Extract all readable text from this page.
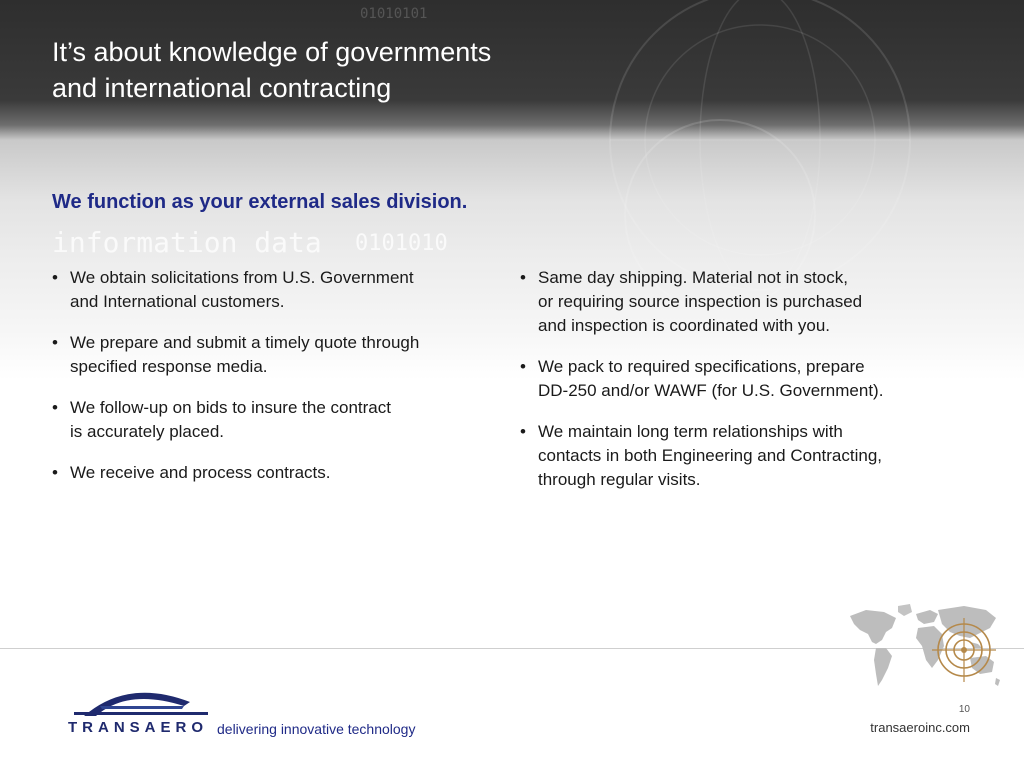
01010101
information data 0101010
It’s about knowledge of governments
and international contracting
We function as your external sales division.
• We obtain solicitations from U.S. Government
and International customers.
• We prepare and submit a timely quote through
specified response media.
• We follow-up on bids to insure the contract
is accurately placed.
• We receive and process contracts.
• Same day shipping. Material not in stock,
or requiring source inspection is purchased
and inspection is coordinated with you.
• We pack to required specifications, prepare
DD-250 and/or WAWF (for U.S. Government).
• We maintain long term relationships with
contacts in both Engineering and Contracting,
through regular visits.
TRANSAERO delivering innovative technology
10
transaeroinc.com
